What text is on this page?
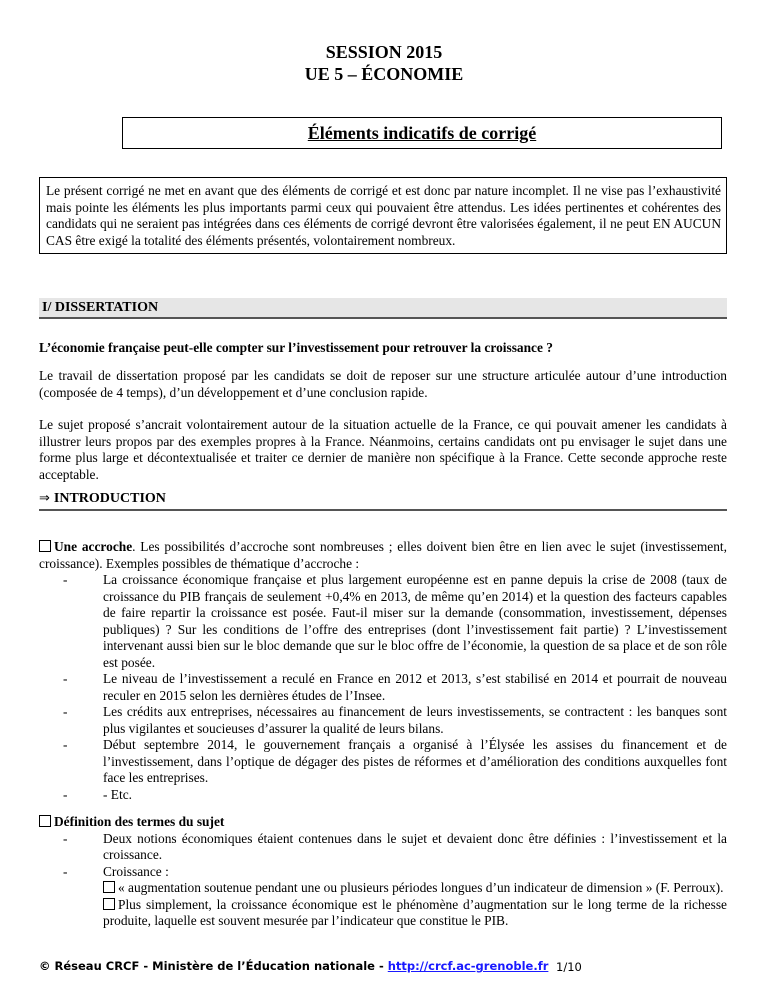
SESSION 2015
UE 5 – ÉCONOMIE
Éléments indicatifs de corrigé
Le présent corrigé ne met en avant que des éléments de corrigé et est donc par nature incomplet. Il ne vise pas l’exhaustivité mais pointe les éléments les plus importants parmi ceux qui pouvaient être attendus. Les idées pertinentes et cohérentes des candidats qui ne seraient pas intégrées dans ces éléments de corrigé devront être valorisées également, il ne peut EN AUCUN CAS être exigé la totalité des éléments présentés, volontairement nombreux.
I/ DISSERTATION
L’économie française peut-elle compter sur l’investissement pour retrouver la croissance ?
Le travail de dissertation proposé par les candidats se doit de reposer sur une structure articulée autour d’une introduction (composée de 4 temps), d’un développement et d’une conclusion rapide.
Le sujet proposé s’ancrait volontairement autour de la situation actuelle de la France, ce qui pouvait amener les candidats à illustrer leurs propos par des exemples propres à la France. Néanmoins, certains candidats ont pu envisager le sujet dans une forme plus large et décontextualisée et traiter ce dernier de manière non spécifique à la France. Cette seconde approche reste acceptable.
⇒ INTRODUCTION
Une accroche. Les possibilités d’accroche sont nombreuses ; elles doivent bien être en lien avec le sujet (investissement, croissance). Exemples possibles de thématique d’accroche :
-	La croissance économique française et plus largement européenne est en panne depuis la crise de 2008 (taux de croissance du PIB français de seulement +0,4% en 2013, de même qu’en 2014) et la question des facteurs capables de faire repartir la croissance est posée. Faut-il miser sur la demande (consommation, investissement, dépenses publiques) ? Sur les conditions de l’offre des entreprises (dont l’investissement fait partie) ? L’investissement intervenant aussi bien sur le bloc demande que sur le bloc offre de l’économie, la question de sa place et de son rôle est posée.
-	Le niveau de l’investissement a reculé en France en 2012 et 2013, s’est stabilisé en 2014 et pourrait de nouveau reculer en 2015 selon les dernières études de l’Insee.
-	Les crédits aux entreprises, nécessaires au financement de leurs investissements, se contractent : les banques sont plus vigilantes et soucieuses d’assurer la qualité de leurs bilans.
-	Début septembre 2014, le gouvernement français a organisé à l’Élysée les assises du financement et de l’investissement, dans l’optique de dégager des pistes de réformes et d’amélioration des conditions auxquelles font face les entreprises.
-	- Etc.
Définition des termes du sujet
-	Deux notions économiques étaient contenues dans le sujet et devaient donc être définies : l’investissement et la croissance.
-	Croissance :
« augmentation soutenue pendant une ou plusieurs périodes longues d’un indicateur de dimension » (F. Perroux).
Plus simplement, la croissance économique est le phénomène d’augmentation sur le long terme de la richesse produite, laquelle est souvent mesurée par l’indicateur que constitue le PIB.
© Réseau CRCF - Ministère de l’Éducation nationale - http://crcf.ac-grenoble.fr 1/10
